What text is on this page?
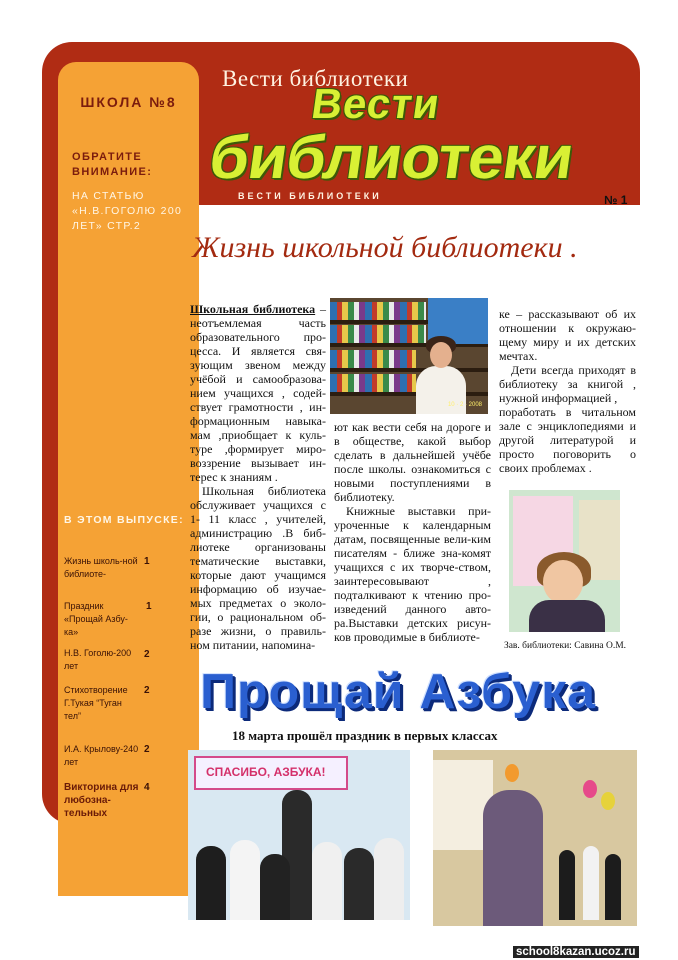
ШКОЛА №8
ОБРАТИТЕ ВНИМАНИЕ:
НА СТАТЬЮ «Н.В.ГОГОЛЮ 200 ЛЕТ» СТР.2
В ЭТОМ ВЫПУСКЕ:
Жизнь школь-ной библиоте-
1
Праздник «Прощай Азбу-ка»
1
Н.В. Гоголю-200 лет
2
Стихотворение Г.Тукая “Туган тел”
2
И.А. Крылову-240 лет
2
Викторина для любозна-тельных
4
Вести библиотеки
Вести
библиотеки
ВЕСТИ БИБЛИОТЕКИ	№ 1
Жизнь школьной библиотеки .

Школьная библиотека –неотъемлемая часть образовательного про-цесса. И является свя-зующим звеном между учёбой и самообразова-нием учащихся , содей-ствует грамотности , ин-формационным навыка-мам ,приобщает к куль-туре ,формирует миро-воззрение вызывает ин-терес к знаниям .

Школьная библиотека обслуживает учащихся с 1- 11 класс , учителей, администрацию .В биб-лиотеке организованы тематические выставки, которые дают учащимся информацию об изучае-мых предметах о эколо-гии, о рациональном об-разе жизни, о правиль-ном питании, напомина-

10 · 2 · 2008

ют как вести себя на дороге и в обществе, какой выбор сделать в дальнейшей учёбе после школы. ознакомиться с новыми поступлениями в библиотеку.

Книжные выставки при-уроченные к календарным датам, посвященные вели-ким писателям - ближе зна-комят учащихся с их творче-ством, заинтересовывают , подталкивают к чтению про-изведений данного авто-ра.Выставки детских рисун-ков проводимые в библиоте-

ке – рассказывают об их отношении к окружаю-щему миру и их детских мечтах.

Дети всегда приходят в библиотеку за книгой , нужной информацией ,

поработать в читальном зале с энциклопедиями и другой литературой и просто поговорить о своих проблемах .

Зав. библиотеки: Савина О.М.
Прощай Азбука
18 марта прошёл праздник в первых классах
СПАСИБО, АЗБУКА!
school8kazan.ucoz.ru
